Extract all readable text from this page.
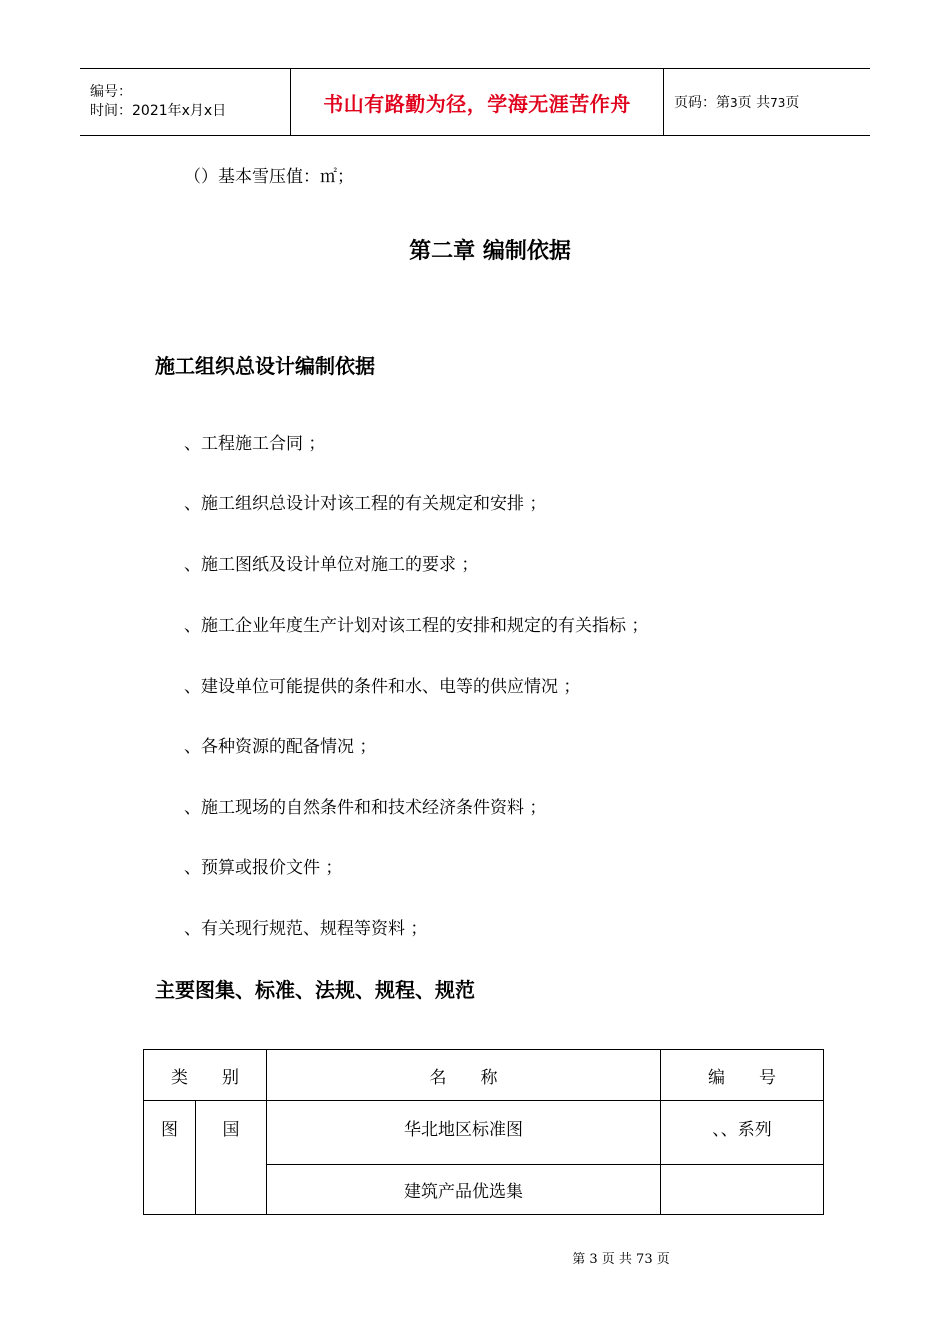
编号：
时间：2021年x月x日	书山有路勤为径，学海无涯苦作舟	页码：第3页 共73页
（）基本雪压值：㎡；
第二章 编制依据
施工组织总设计编制依据
、工程施工合同 ；
、施工组织总设计对该工程的有关规定和安排 ；
、施工图纸及设计单位对施工的要求 ；
、施工企业年度生产计划对该工程的安排和规定的有关指标 ；
、建设单位可能提供的条件和水、电等的供应情况 ；
、各种资源的配备情况 ；
、施工现场的自然条件和和技术经济条件资料 ；
、预算或报价文件 ；
、有关现行规范、规程等资料 ；
主要图集、标准、法规、规程、规范
类　　别		名　　称	编　　号
图	国	华北地区标准图	、、系列
		建筑产品优选集	
第 3 页 共 73 页
